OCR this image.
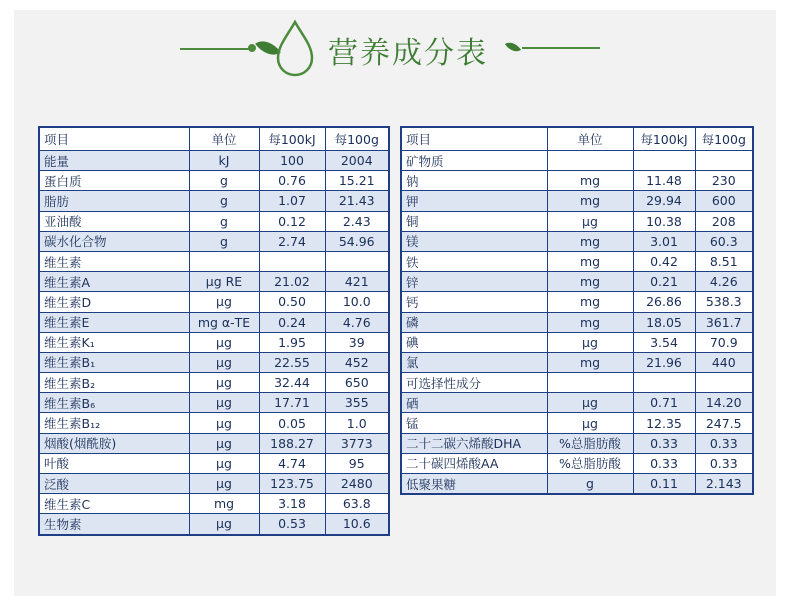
营养成分表
项目	单位	每100kJ	每100g
能量	kJ	100	2004
蛋白质	g	0.76	15.21
脂肪	g	1.07	21.43
亚油酸	g	0.12	2.43
碳水化合物	g	2.74	54.96
维生素			
维生素A	μg RE	21.02	421
维生素D	μg	0.50	10.0
维生素E	mg α-TE	0.24	4.76
维生素K₁	μg	1.95	39
维生素B₁	μg	22.55	452
维生素B₂	μg	32.44	650
维生素B₆	μg	17.71	355
维生素B₁₂	μg	0.05	1.0
烟酸(烟酰胺)	μg	188.27	3773
叶酸	μg	4.74	95
泛酸	μg	123.75	2480
维生素C	mg	3.18	63.8
生物素	μg	0.53	10.6
项目	单位	每100kJ	每100g
矿物质			
钠	mg	11.48	230
钾	mg	29.94	600
铜	μg	10.38	208
镁	mg	3.01	60.3
铁	mg	0.42	8.51
锌	mg	0.21	4.26
钙	mg	26.86	538.3
磷	mg	18.05	361.7
碘	μg	3.54	70.9
氯	mg	21.96	440
可选择性成分			
硒	μg	0.71	14.20
锰	μg	12.35	247.5
二十二碳六烯酸DHA	%总脂肪酸	0.33	0.33
二十碳四烯酸AA	%总脂肪酸	0.33	0.33
低聚果糖	g	0.11	2.143
